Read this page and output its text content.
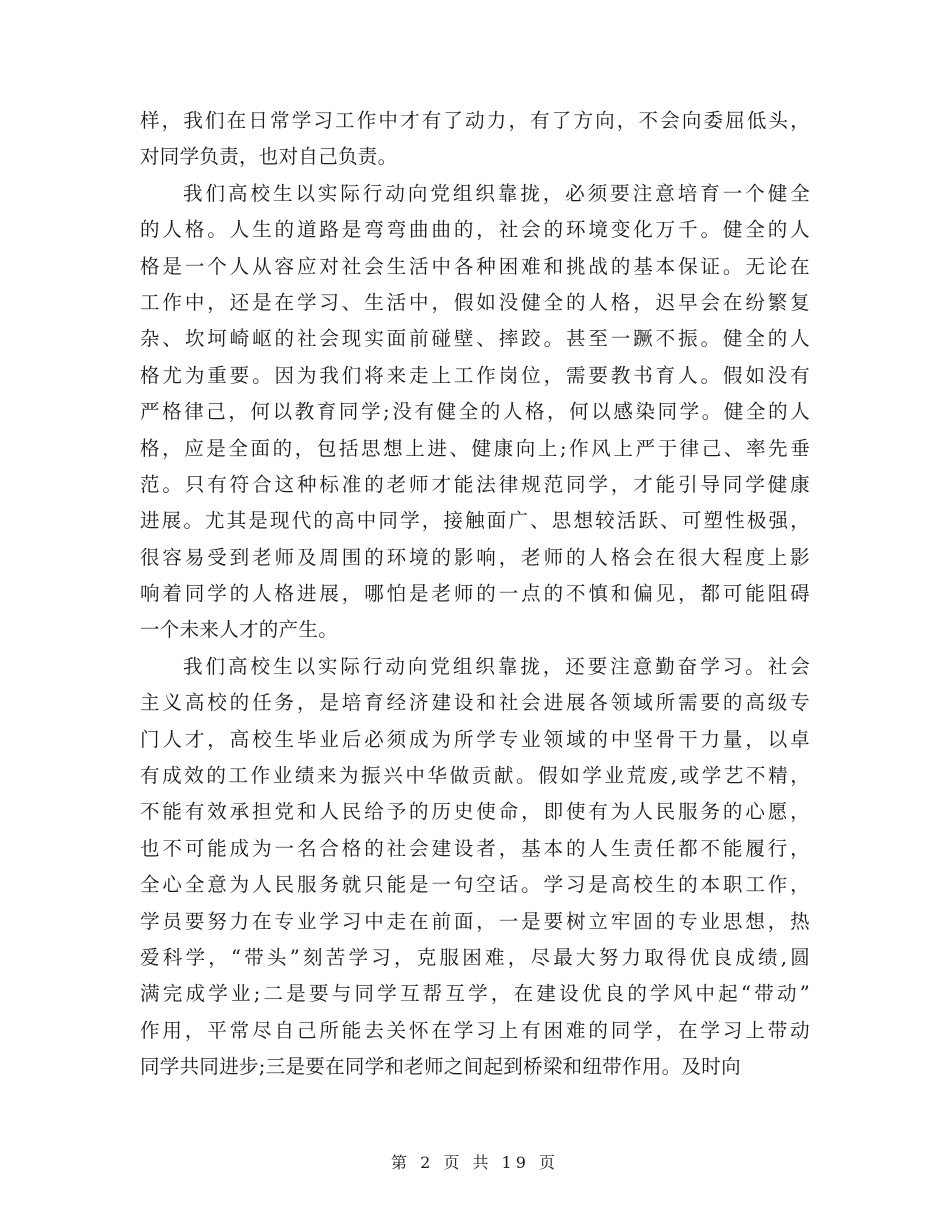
样，我们在日常学习工作中才有了动力，有了方向，不会向委屈低头，
对同学负责，也对自己负责。
我们高校生以实际行动向党组织靠拢，必须要注意培育一个健全
的人格。人生的道路是弯弯曲曲的，社会的环境变化万千。健全的人
格是一个人从容应对社会生活中各种困难和挑战的基本保证。无论在
工作中，还是在学习、生活中，假如没健全的人格，迟早会在纷繁复
杂、坎坷崎岖的社会现实面前碰壁、摔跤。甚至一蹶不振。健全的人
格尤为重要。因为我们将来走上工作岗位，需要教书育人。假如没有
严格律己，何以教育同学;没有健全的人格，何以感染同学。健全的人
格，应是全面的，包括思想上进、健康向上;作风上严于律己、率先垂
范。只有符合这种标准的老师才能法律规范同学，才能引导同学健康
进展。尤其是现代的高中同学，接触面广、思想较活跃、可塑性极强，
很容易受到老师及周围的环境的影响，老师的人格会在很大程度上影
响着同学的人格进展，哪怕是老师的一点的不慎和偏见，都可能阻碍
一个未来人才的产生。
我们高校生以实际行动向党组织靠拢，还要注意勤奋学习。社会
主义高校的任务，是培育经济建设和社会进展各领域所需要的高级专
门人才，高校生毕业后必须成为所学专业领域的中坚骨干力量，以卓
有成效的工作业绩来为振兴中华做贡献。假如学业荒废,或学艺不精，
不能有效承担党和人民给予的历史使命，即使有为人民服务的心愿，
也不可能成为一名合格的社会建设者，基本的人生责任都不能履行，
全心全意为人民服务就只能是一句空话。学习是高校生的本职工作，
学员要努力在专业学习中走在前面，一是要树立牢固的专业思想，热
爱科学，“带头”刻苦学习，克服困难，尽最大努力取得优良成绩,圆
满完成学业;二是要与同学互帮互学，在建设优良的学风中起“带动”
作用，平常尽自己所能去关怀在学习上有困难的同学，在学习上带动
同学共同进步;三是要在同学和老师之间起到桥梁和纽带作用。及时向
第 2 页 共 19 页
